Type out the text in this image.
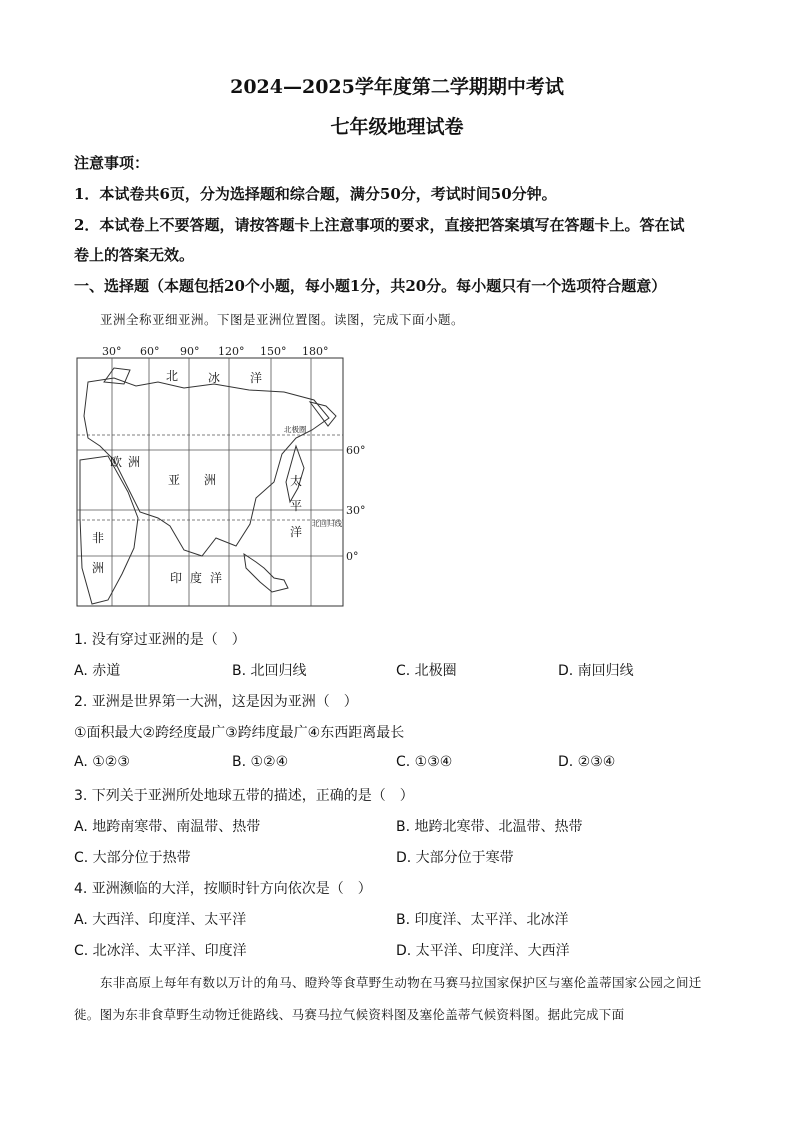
2024—2025学年度第二学期期中考试
七年级地理试卷
注意事项：
1．本试卷共6页，分为选择题和综合题，满分50分，考试时间50分钟。
2．本试卷上不要答题，请按答题卡上注意事项的要求，直接把答案填写在答题卡上。答在试
卷上的答案无效。
一、选择题（本题包括20个小题，每小题1分，共20分。每小题只有一个选项符合题意）
亚洲全称亚细亚洲。下图是亚洲位置图。读图，完成下面小题。
30° 60° 90° 120° 150° 180°
60°
30°
0°
北 冰 洋
欧 洲
亚 洲
非
洲
太
平
洋
印 度 洋
北极圈
北回归线
1. 没有穿过亚洲的是（　）
A. 赤道	B. 北回归线	C. 北极圈	D. 南回归线
2. 亚洲是世界第一大洲，这是因为亚洲（　）
①面积最大②跨经度最广③跨纬度最广④东西距离最长
A. ①②③	B. ①②④	C. ①③④	D. ②③④
3. 下列关于亚洲所处地球五带的描述，正确的是（　）
A. 地跨南寒带、南温带、热带	B. 地跨北寒带、北温带、热带
C. 大部分位于热带	D. 大部分位于寒带
4. 亚洲濒临的大洋，按顺时针方向依次是（　）
A. 大西洋、印度洋、太平洋	B. 印度洋、太平洋、北冰洋
C. 北冰洋、太平洋、印度洋	D. 太平洋、印度洋、大西洋
东非高原上每年有数以万计的角马、瞪羚等食草野生动物在马赛马拉国家保护区与塞伦盖蒂国家公园之间迁徙。图为东非食草野生动物迁徙路线、马赛马拉气候资料图及塞伦盖蒂气候资料图。据此完成下面
